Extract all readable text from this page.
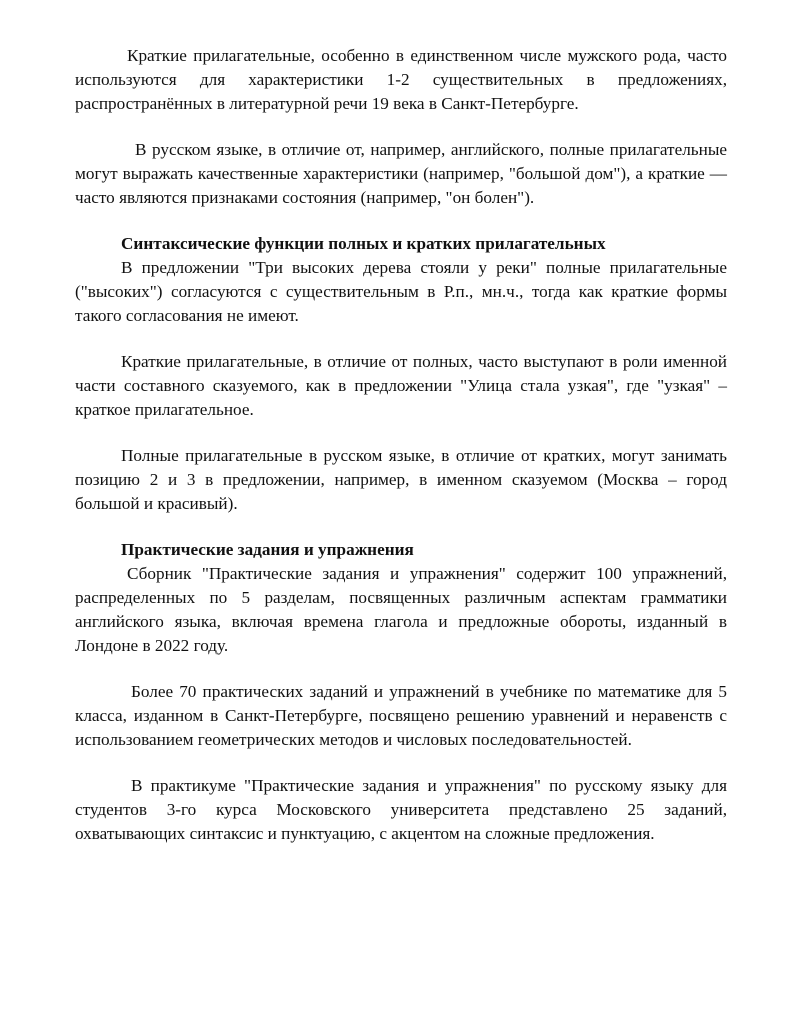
Краткие прилагательные, особенно в единственном числе мужского рода, часто используются для характеристики 1-2 существительных в предложениях, распространённых в литературной речи 19 века в Санкт-Петербурге.

В русском языке, в отличие от, например, английского, полные прилагательные могут выражать качественные характеристики (например, "большой дом"), а краткие — часто являются признаками состояния (например, "он болен").

Синтаксические функции полных и кратких прилагательных

В предложении "Три высоких дерева стояли у реки" полные прилагательные ("высоких") согласуются с существительным в Р.п., мн.ч., тогда как краткие формы такого согласования не имеют.

Краткие прилагательные, в отличие от полных, часто выступают в роли именной части составного сказуемого, как в предложении "Улица стала узкая", где "узкая" – краткое прилагательное.

Полные прилагательные в русском языке, в отличие от кратких, могут занимать позицию 2 и 3 в предложении, например, в именном сказуемом (Москва – город большой и красивый).

Практические задания и упражнения

Сборник "Практические задания и упражнения" содержит 100 упражнений, распределенных по 5 разделам, посвященных различным аспектам грамматики английского языка, включая времена глагола и предложные обороты, изданный в Лондоне в 2022 году.

Более 70 практических заданий и упражнений в учебнике по математике для 5 класса, изданном в Санкт-Петербурге, посвящено решению уравнений и неравенств с использованием геометрических методов и числовых последовательностей.

В практикуме "Практические задания и упражнения" по русскому языку для студентов 3-го курса Московского университета представлено 25 заданий, охватывающих синтаксис и пунктуацию, с акцентом на сложные предложения.
